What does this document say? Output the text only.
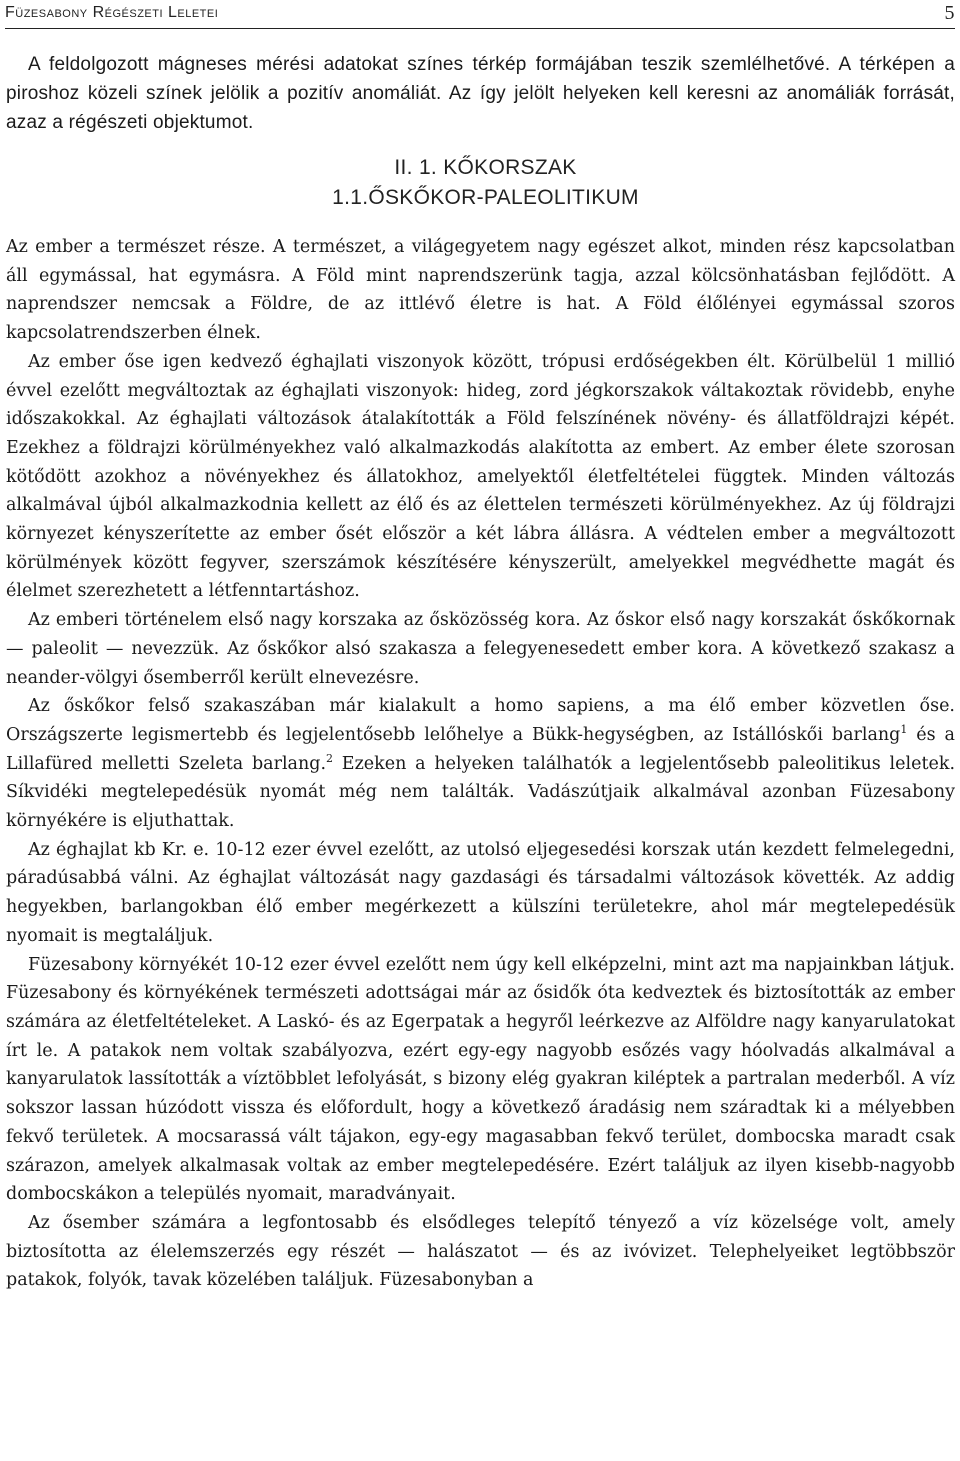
Füzesabony Régészeti Leletei	5

A feldolgozott mágneses mérési adatokat színes térkép formájában teszik szemlélhetővé. A térképen a piroshoz közeli színek jelölik a pozitív anomáliát. Az így jelölt helyeken kell keresni az anomáliák forrását, azaz a régészeti objektumot.

II. 1. KŐKORSZAK
1.1.ŐSKŐKOR-PALEOLITIKUM

Az ember a természet része. A természet, a világegyetem nagy egészet alkot, minden rész kapcsolatban áll egymással, hat egymásra. A Föld mint naprendszerünk tagja, azzal kölcsönhatásban fejlődött. A naprendszer nemcsak a Földre, de az ittlévő életre is hat. A Föld élőlényei egymással szoros kapcsolatrendszerben élnek.

Az ember őse igen kedvező éghajlati viszonyok között, trópusi erdőségekben élt. Körülbelül 1 millió évvel ezelőtt megváltoztak az éghajlati viszonyok: hideg, zord jégkorszakok váltakoztak rövidebb, enyhe időszakokkal. Az éghajlati változások átalakították a Föld felszínének növény- és állatföldrajzi képét. Ezekhez a földrajzi körülményekhez való alkalmazkodás alakította az embert. Az ember élete szorosan kötődött azokhoz a növényekhez és állatokhoz, amelyektől életfeltételei függtek. Minden változás alkalmával újból alkalmazkodnia kellett az élő és az élettelen természeti körülményekhez. Az új földrajzi környezet kényszerítette az ember ősét először a két lábra állásra. A védtelen ember a megváltozott körülmények között fegyver, szerszámok készítésére kényszerült, amelyekkel megvédhette magát és élelmet szerezhetett a létfenntartáshoz.

Az emberi történelem első nagy korszaka az ősközösség kora. Az őskor első nagy korszakát őskőkornak — paleolit — nevezzük. Az őskőkor alsó szakasza a felegyenesedett ember kora. A következő szakasz a neander-völgyi ősemberről került elnevezésre.

Az őskőkor felső szakaszában már kialakult a homo sapiens, a ma élő ember közvetlen őse. Országszerte legismertebb és legjelentősebb lelőhelye a Bükk-hegységben, az Istállóskői barlang$^1$ és a Lillafüred melletti Szeleta barlang.$^2$ Ezeken a helyeken találhatók a legjelentősebb paleolitikus leletek. Síkvidéki megtelepedésük nyomát még nem találták. Vadászútjaik alkalmával azonban Füzesabony környékére is eljuthattak.

Az éghajlat kb Kr. e. 10-12 ezer évvel ezelőtt, az utolsó eljegesedési korszak után kezdett felmelegedni, páradúsabbá válni. Az éghajlat változását nagy gazdasági és társadalmi változások követték. Az addig hegyekben, barlangokban élő ember megérkezett a külszíni területekre, ahol már megtelepedésük nyomait is megtaláljuk.

Füzesabony környékét 10-12 ezer évvel ezelőtt nem úgy kell elképzelni, mint azt ma napjainkban látjuk. Füzesabony és környékének természeti adottságai már az ősidők óta kedveztek és biztosították az ember számára az életfeltételeket. A Laskó- és az Egerpatak a hegyről leérkezve az Alföldre nagy kanyarulatokat írt le. A patakok nem voltak szabályozva, ezért egy-egy nagyobb esőzés vagy hóolvadás alkalmával a kanyarulatok lassították a víztöbblet lefolyását, s bizony elég gyakran kiléptek a partralan mederből. A víz sokszor lassan húzódott vissza és előfordult, hogy a következő áradásig nem száradtak ki a mélyebben fekvő területek. A mocsarassá vált tájakon, egy-egy magasabban fekvő terület, dombocska maradt csak szárazon, amelyek alkalmasak voltak az ember megtelepedésére. Ezért találjuk az ilyen kisebb-nagyobb dombocskákon a település nyomait, maradványait.

Az ősember számára a legfontosabb és elsődleges telepítő tényező a víz közelsége volt, amely biztosította az élelemszerzés egy részét — halászatot — és az ivóvizet. Telephelyeiket legtöbbször patakok, folyók, tavak közelében találjuk. Füzesabonyban a
